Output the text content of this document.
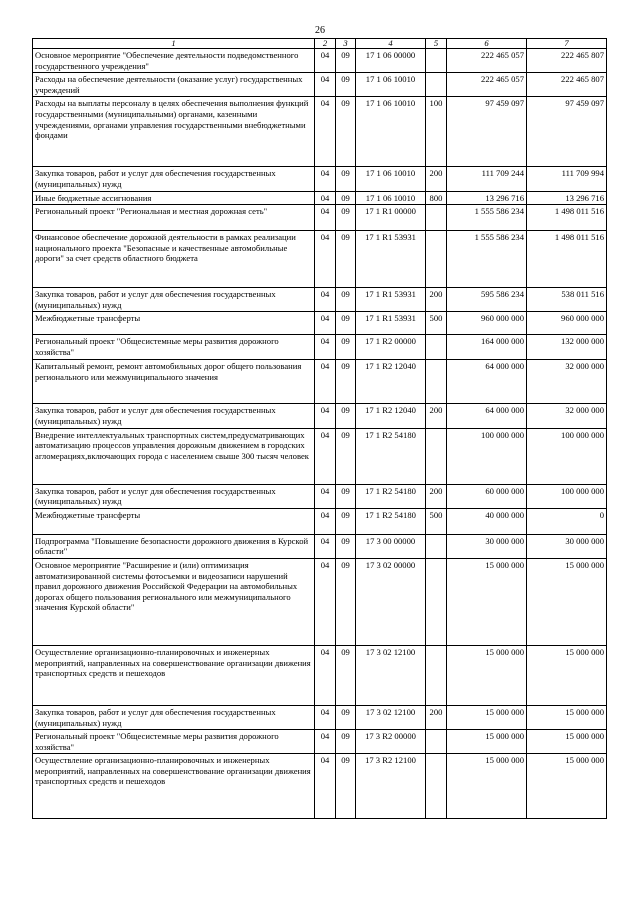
26
1	2	3	4	5	6	7
Основное мероприятие "Обеспечение деятельности подведомственного государственного учреждения"	04	09	17 1 06 00000		222 465 057	222 465 807
Расходы на обеспечение деятельности (оказание услуг) государственных учреждений	04	09	17 1 06 10010		222 465 057	222 465 807
Расходы на выплаты персоналу в целях обеспечения выполнения функций государственными (муниципальными) органами, казенными учреждениями, органами управления государственными внебюджетными фондами	04	09	17 1 06 10010	100	97 459 097	97 459 097
Закупка товаров, работ и услуг для обеспечения государственных (муниципальных) нужд	04	09	17 1 06 10010	200	111 709 244	111 709 994
Иные бюджетные ассигнования	04	09	17 1 06 10010	800	13 296 716	13 296 716
Региональный проект "Региональная и местная дорожная сеть"	04	09	17 1 R1 00000		1 555 586 234	1 498 011 516
Финансовое обеспечение дорожной деятельности в рамках реализации национального проекта "Безопасные и качественные автомобильные дороги" за счет средств областного бюджета	04	09	17 1 R1 53931		1 555 586 234	1 498 011 516
Закупка товаров, работ и услуг для обеспечения государственных (муниципальных) нужд	04	09	17 1 R1 53931	200	595 586 234	538 011 516
Межбюджетные трансферты	04	09	17 1 R1 53931	500	960 000 000	960 000 000
Региональный проект "Общесистемные меры развития дорожного хозяйства"	04	09	17 1 R2 00000		164 000 000	132 000 000
Капитальный ремонт, ремонт автомобильных дорог общего пользования регионального или межмуниципального значения	04	09	17 1 R2 12040		64 000 000	32 000 000
Закупка товаров, работ и услуг для обеспечения государственных (муниципальных) нужд	04	09	17 1 R2 12040	200	64 000 000	32 000 000
Внедрение интеллектуальных транспортных систем,предусматривающих автоматизацию процессов управления дорожным движением в городских агломерациях,включающих города с населением свыше 300 тысяч человек	04	09	17 1 R2 54180		100 000 000	100 000 000
Закупка товаров, работ и услуг для обеспечения государственных (муниципальных) нужд	04	09	17 1 R2 54180	200	60 000 000	100 000 000
Межбюджетные трансферты	04	09	17 1 R2 54180	500	40 000 000	0
Подпрограмма "Повышение безопасности дорожного движения в Курской области"	04	09	17 3 00 00000		30 000 000	30 000 000
Основное мероприятие "Расширение и (или) оптимизация автоматизированной системы фотосъемки и видеозаписи нарушений правил дорожного движения Российской Федерации на автомобильных дорогах общего пользования регионального или межмуниципального значения Курской области"	04	09	17 3 02 00000		15 000 000	15 000 000
Осуществление организационно-планировочных и инженерных мероприятий, направленных на совершенствование организации движения транспортных средств и пешеходов	04	09	17 3 02 12100		15 000 000	15 000 000
Закупка товаров, работ и услуг для обеспечения государственных (муниципальных) нужд	04	09	17 3 02 12100	200	15 000 000	15 000 000
Региональный проект "Общесистемные меры развития дорожного хозяйства"	04	09	17 3 R2 00000		15 000 000	15 000 000
Осуществление организационно-планировочных и инженерных мероприятий, направленных на совершенствование организации движения транспортных средств и пешеходов	04	09	17 3 R2 12100		15 000 000	15 000 000
